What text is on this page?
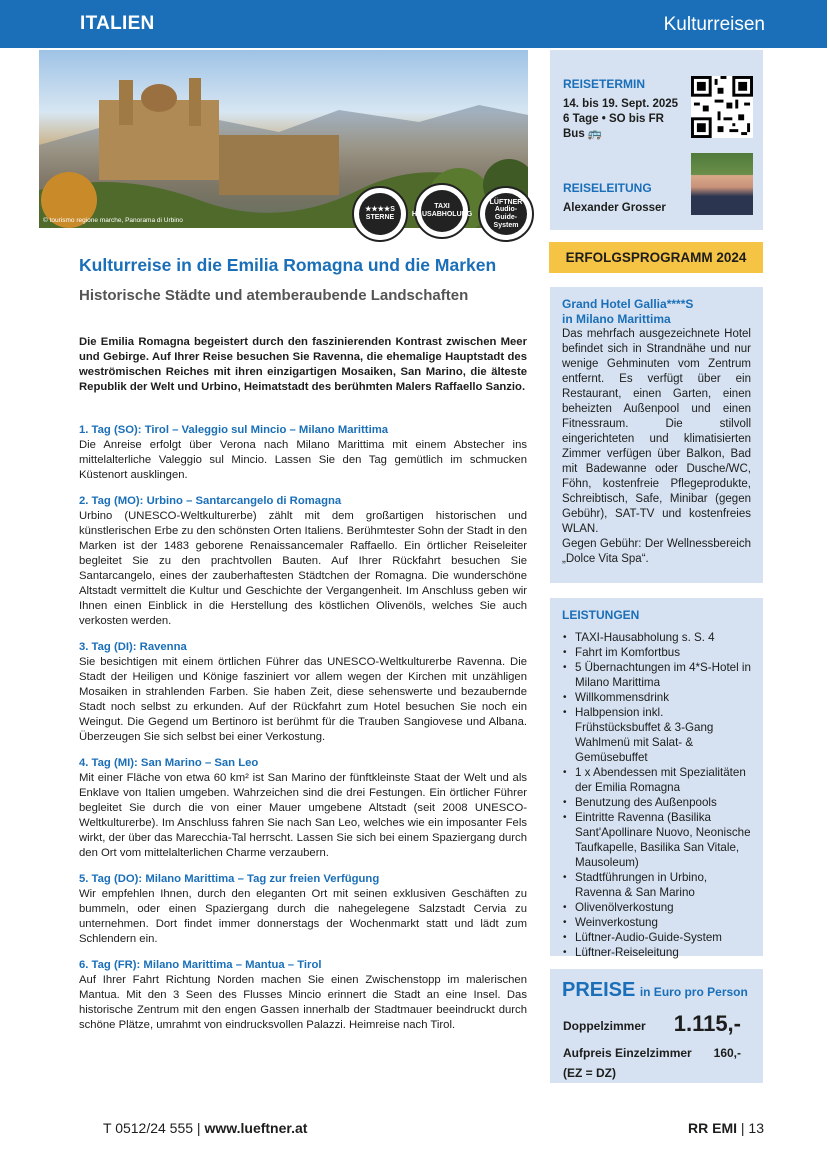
ITALIEN	Kulturreisen
© tourismo regione marche, Panorama di Urbino
★★★★S STERNE
TAXI HAUSABHOLUNG
LÜFTNER Audio-Guide-System
Kulturreise in die Emilia Romagna und die Marken
Historische Städte und atemberaubende Landschaften
Die Emilia Romagna begeistert durch den faszinierenden Kontrast zwischen Meer und Gebirge. Auf Ihrer Reise besuchen Sie Ravenna, die ehemalige Hauptstadt des weströmischen Reiches mit ihren einzigartigen Mosaiken, San Marino, die älteste Republik der Welt und Urbino, Heimatstadt des berühmten Malers Raffaello Sanzio.
1. Tag (SO): Tirol – Valeggio sul Mincio – Milano Marittima

Die Anreise erfolgt über Verona nach Milano Marittima mit einem Abstecher ins mittelalterliche Valeggio sul Mincio. Lassen Sie den Tag gemütlich im schmucken Küstenort ausklingen.

2. Tag (MO): Urbino – Santarcangelo di Romagna

Urbino (UNESCO-Weltkulturerbe) zählt mit dem großartigen historischen und künstlerischen Erbe zu den schönsten Orten Italiens. Berühmtester Sohn der Stadt in den Marken ist der 1483 geborene Renaissancemaler Raffaello. Ein örtlicher Reiseleiter begleitet Sie zu den prachtvollen Bauten. Auf Ihrer Rückfahrt besuchen Sie Santarcangelo, eines der zauberhaftesten Städtchen der Romagna. Die wunderschöne Altstadt vermittelt die Kultur und Geschichte der Vergangenheit. Im Anschluss geben wir Ihnen einen Einblick in die Herstellung des köstlichen Olivenöls, welches Sie auch verkosten werden.

3. Tag (DI): Ravenna

Sie besichtigen mit einem örtlichen Führer das UNESCO-Weltkulturerbe Ravenna. Die Stadt der Heiligen und Könige fasziniert vor allem wegen der Kirchen mit unzähligen Mosaiken in strahlenden Farben. Sie haben Zeit, diese sehenswerte und bezaubernde Stadt noch selbst zu erkunden. Auf der Rückfahrt zum Hotel besuchen Sie noch ein Weingut. Die Gegend um Bertinoro ist berühmt für die Trauben Sangiovese und Albana. Überzeugen Sie sich selbst bei einer Verkostung.

4. Tag (MI): San Marino – San Leo

Mit einer Fläche von etwa 60 km² ist San Marino der fünftkleinste Staat der Welt und als Enklave von Italien umgeben. Wahrzeichen sind die drei Festungen. Ein örtlicher Führer begleitet Sie durch die von einer Mauer umgebene Altstadt (seit 2008 UNESCO-Weltkulturerbe). Im Anschluss fahren Sie nach San Leo, welches wie ein imposanter Fels wirkt, der über das Marecchia-Tal herrscht. Lassen Sie sich bei einem Spaziergang durch den Ort vom mittelalterlichen Charme verzaubern.

5. Tag (DO): Milano Marittima – Tag zur freien Verfügung

Wir empfehlen Ihnen, durch den eleganten Ort mit seinen exklusiven Geschäften zu bummeln, oder einen Spaziergang durch die nahegelegene Salzstadt Cervia zu unternehmen. Dort findet immer donnerstags der Wochenmarkt statt und lädt zum Schlendern ein.

6. Tag (FR): Milano Marittima – Mantua – Tirol

Auf Ihrer Fahrt Richtung Norden machen Sie einen Zwischenstopp im malerischen Mantua. Mit den 3 Seen des Flusses Mincio erinnert die Stadt an eine Insel. Das historische Zentrum mit den engen Gassen innerhalb der Stadtmauer beeindruckt durch schöne Plätze, umrahmt von eindrucksvollen Palazzi. Heimreise nach Tirol.

REISETERMIN
14. bis 19. Sept. 2025
6 Tage • SO bis FR
Bus 🚌
REISELEITUNG
Alexander Grosser
ERFOLGSPROGRAMM 2024
Grand Hotel Gallia****S
in Milano Marittima

Das mehrfach ausgezeichnete Hotel befindet sich in Strandnähe und nur wenige Gehminuten vom Zentrum entfernt. Es verfügt über ein Restaurant, einen Garten, einen beheizten Außenpool und einen Fitnessraum. Die stilvoll eingerichteten und klimatisierten Zimmer verfügen über Balkon, Bad mit Badewanne oder Dusche/WC, Föhn, kostenfreie Pflegeprodukte, Schreibtisch, Safe, Minibar (gegen Gebühr), SAT-TV und kostenfreies WLAN.

Gegen Gebühr: Der Wellnessbereich „Dolce Vita Spa“.

LEISTUNGEN
• TAXI-Hausabholung s. S. 4
• Fahrt im Komfortbus
• 5 Übernachtungen im 4*S-Hotel in Milano Marittima
• Willkommensdrink
• Halbpension inkl. Frühstücksbuffet & 3-Gang Wahlmenü mit Salat- & Gemüsebuffet
• 1 x Abendessen mit Spezialitäten der Emilia Romagna
• Benutzung des Außenpools
• Eintritte Ravenna (Basilika Sant'Apollinare Nuovo, Neonische Taufkapelle, Basilika San Vitale, Mausoleum)
• Stadtführungen in Urbino, Ravenna & San Marino
• Olivenölverkostung
• Weinverkostung
• Lüftner-Audio-Guide-System
• Lüftner-Reiseleitung
PREISE in Euro pro Person
Doppelzimmer 1.115,-
Aufpreis Einzelzimmer 160,-
(EZ = DZ)
T 0512/24 555 | www.lueftner.at	RR EMI | 13
